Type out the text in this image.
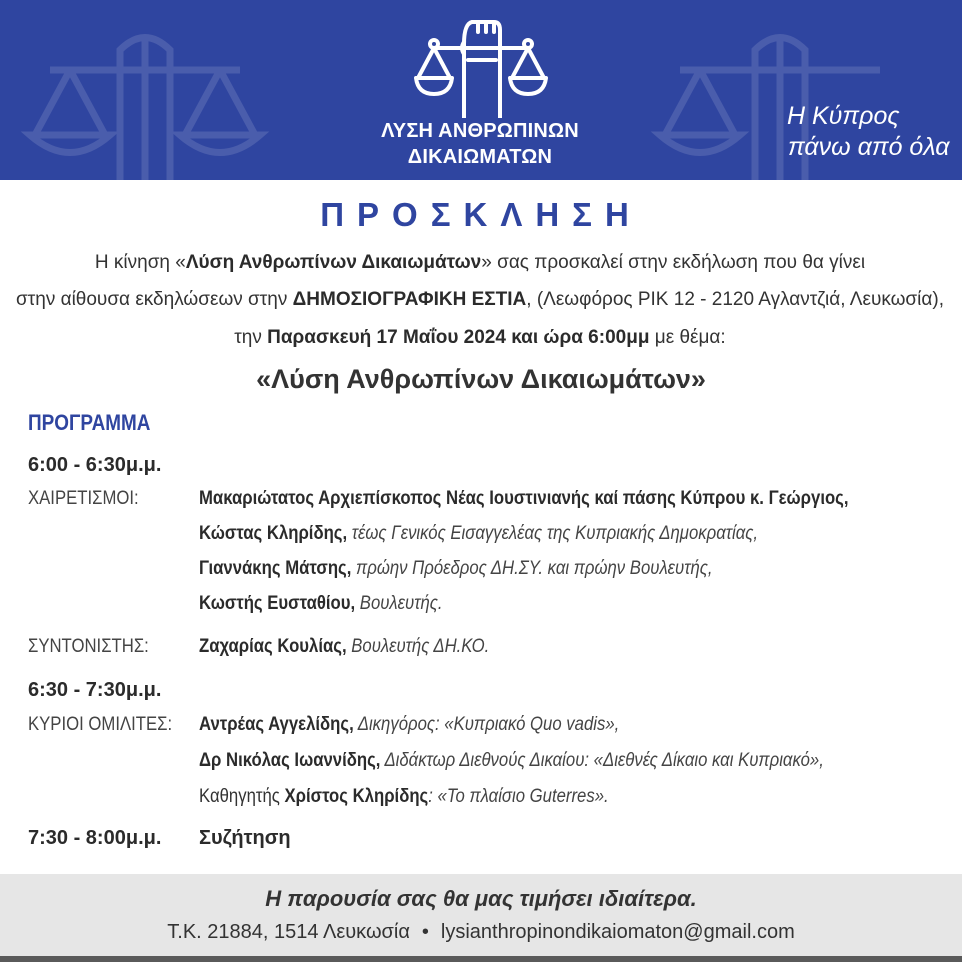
ΛΥΣΗ ΑΝΘΡΩΠΙΝΩΝ
ΔΙΚΑΙΩΜΑΤΩΝ
Η Κύπρος
πάνω από όλα
ΠΡΟΣΚΛΗΣΗ
Η κίνηση «Λύση Ανθρωπίνων Δικαιωμάτων» σας προσκαλεί στην εκδήλωση που θα γίνει
στην αίθουσα εκδηλώσεων στην ΔΗΜΟΣΙΟΓΡΑΦΙΚΗ ΕΣΤΙΑ, (Λεωφόρος ΡΙΚ 12 - 2120 Αγλαντζιά, Λευκωσία),
την Παρασκευή 17 Μαΐου 2024 και ώρα 6:00μμ με θέμα:
«Λύση Ανθρωπίνων Δικαιωμάτων»
ΠΡΟΓΡΑΜΜΑ
6:00 - 6:30μ.μ.
ΧΑΙΡΕΤΙΣΜΟΙ:	Μακαριώτατος Αρχιεπίσκοπος Νέας Ιουστινιανής καί πάσης Κύπρου κ. Γεώργιος,
Κώστας Κληρίδης, τέως Γενικός Εισαγγελέας της Κυπριακής Δημοκρατίας,
Γιαννάκης Μάτσης, πρώην Πρόεδρος ΔΗ.ΣΥ. και πρώην Βουλευτής,
Κωστής Ευσταθίου, Βουλευτής.
ΣΥΝΤΟΝΙΣΤΗΣ:	Ζαχαρίας Κουλίας, Βουλευτής ΔΗ.ΚΟ.
6:30 - 7:30μ.μ.
ΚΥΡΙΟΙ ΟΜΙΛΙΤΕΣ: Αντρέας Αγγελίδης, Δικηγόρος: «Κυπριακό Quo vadis»,
Δρ Νικόλας Ιωαννίδης, Διδάκτωρ Διεθνούς Δικαίου: «Διεθνές Δίκαιο και Κυπριακό»,
Καθηγητής Χρίστος Κληρίδης: «Το πλαίσιο Guterres».
7:30 - 8:00μ.μ. Συζήτηση
Η παρουσία σας θα μας τιμήσει ιδιαίτερα.
Τ.Κ. 21884, 1514 Λευκωσία • lysianthropinondikaiomaton@gmail.com
